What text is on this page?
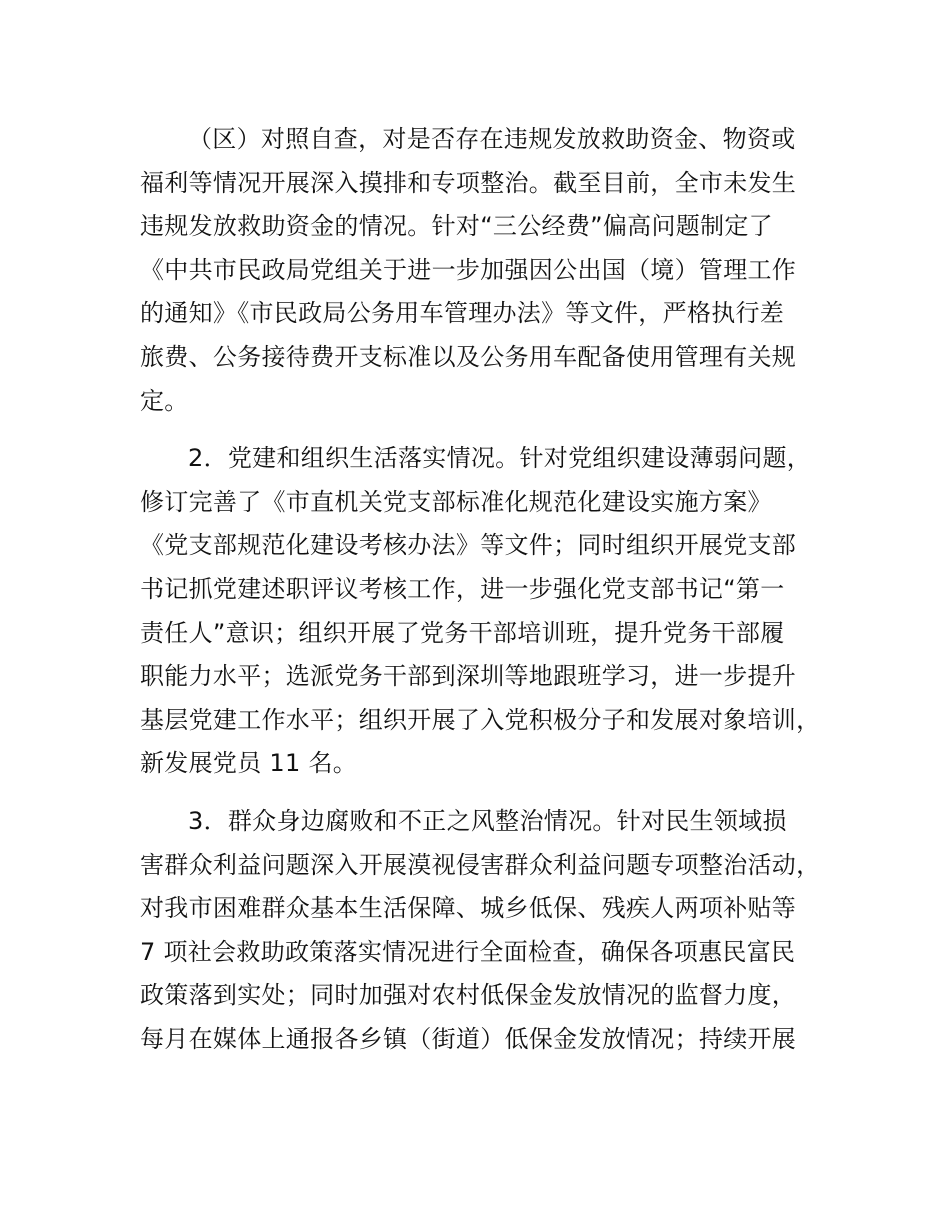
（区）对照自查，对是否存在违规发放救助资金、物资或
福利等情况开展深入摸排和专项整治。截至目前，全市未发生
违规发放救助资金的情况。针对“三公经费”偏高问题制定了
《中共市民政局党组关于进一步加强因公出国（境）管理工作
的通知》《市民政局公务用车管理办法》等文件，严格执行差
旅费、公务接待费开支标准以及公务用车配备使用管理有关规
定。
2．党建和组织生活落实情况。针对党组织建设薄弱问题，
修订完善了《市直机关党支部标准化规范化建设实施方案》
《党支部规范化建设考核办法》等文件；同时组织开展党支部
书记抓党建述职评议考核工作，进一步强化党支部书记“第一
责任人”意识；组织开展了党务干部培训班，提升党务干部履
职能力水平；选派党务干部到深圳等地跟班学习，进一步提升
基层党建工作水平；组织开展了入党积极分子和发展对象培训，
新发展党员 11 名。
3．群众身边腐败和不正之风整治情况。针对民生领域损
害群众利益问题深入开展漠视侵害群众利益问题专项整治活动，
对我市困难群众基本生活保障、城乡低保、残疾人两项补贴等
7 项社会救助政策落实情况进行全面检查，确保各项惠民富民
政策落到实处；同时加强对农村低保金发放情况的监督力度，
每月在媒体上通报各乡镇（街道）低保金发放情况；持续开展
